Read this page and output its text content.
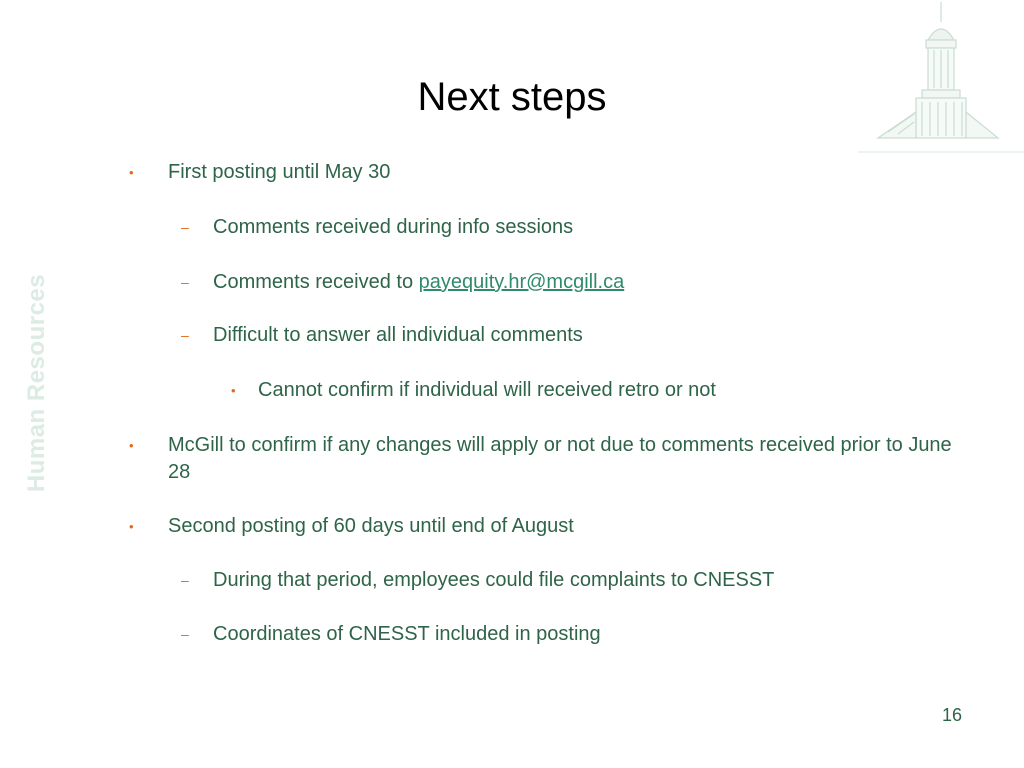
Human Resources
Next steps
• First posting until May 30
– Comments received during info sessions
– Comments received to payequity.hr@mcgill.ca
– Difficult to answer all individual comments
• Cannot confirm if individual will received retro or not
• McGill to confirm if any changes will apply or not due to comments received prior to June 28
• Second posting of 60 days until end of August
– During that period, employees could file complaints to CNESST
– Coordinates of CNESST included in posting
16
